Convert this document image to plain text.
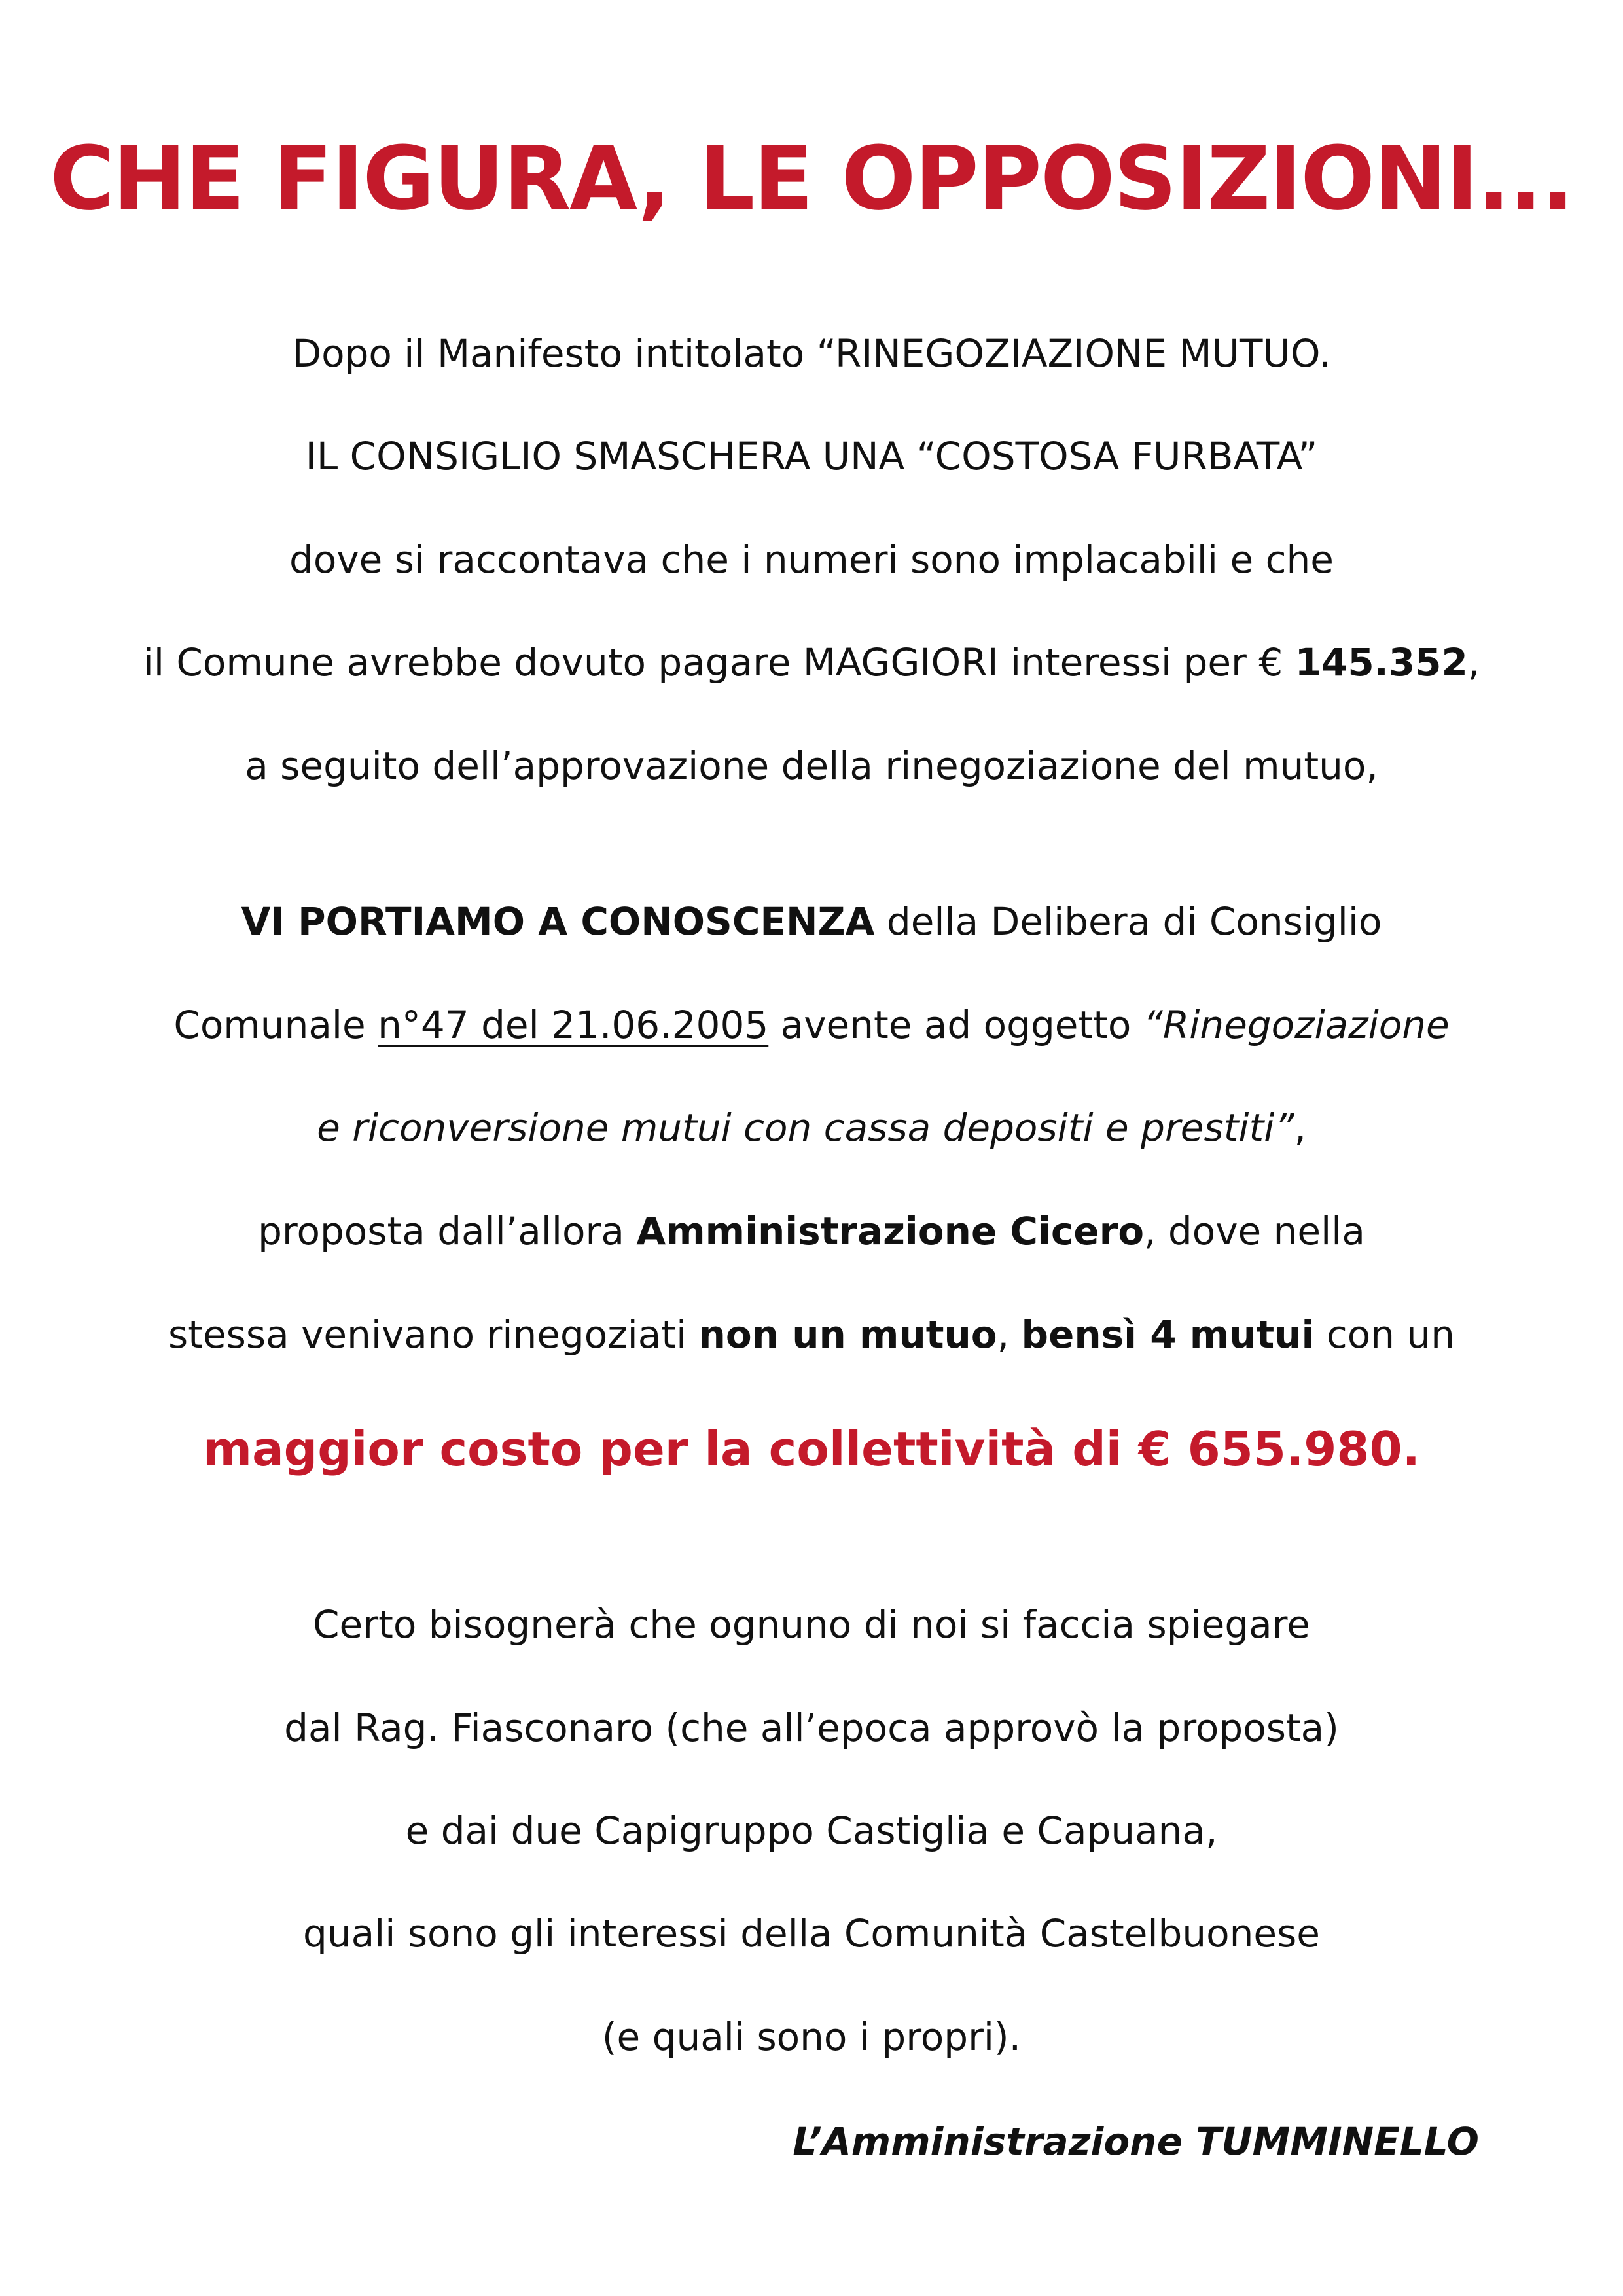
CHE FIGURA, LE OPPOSIZIONI...
Dopo il Manifesto intitolato “RINEGOZIAZIONE MUTUO.
IL CONSIGLIO SMASCHERA UNA “COSTOSA FURBATA”
dove si raccontava che i numeri sono implacabili e che
il Comune avrebbe dovuto pagare MAGGIORI interessi per € 145.352,
a seguito dell’approvazione della rinegoziazione del mutuo,
VI PORTIAMO A CONOSCENZA della Delibera di Consiglio
Comunale n°47 del 21.06.2005 avente ad oggetto “Rinegoziazione
e riconversione mutui con cassa depositi e prestiti”,
proposta dall’allora Amministrazione Cicero, dove nella
stessa venivano rinegoziati non un mutuo, bensì 4 mutui con un
maggior costo per la collettività di € 655.980.
Certo bisognerà che ognuno di noi si faccia spiegare
dal Rag. Fiasconaro (che all’epoca approvò la proposta)
e dai due Capigruppo Castiglia e Capuana,
quali sono gli interessi della Comunità Castelbuonese
(e quali sono i propri).
L’Amministrazione TUMMINELLO
